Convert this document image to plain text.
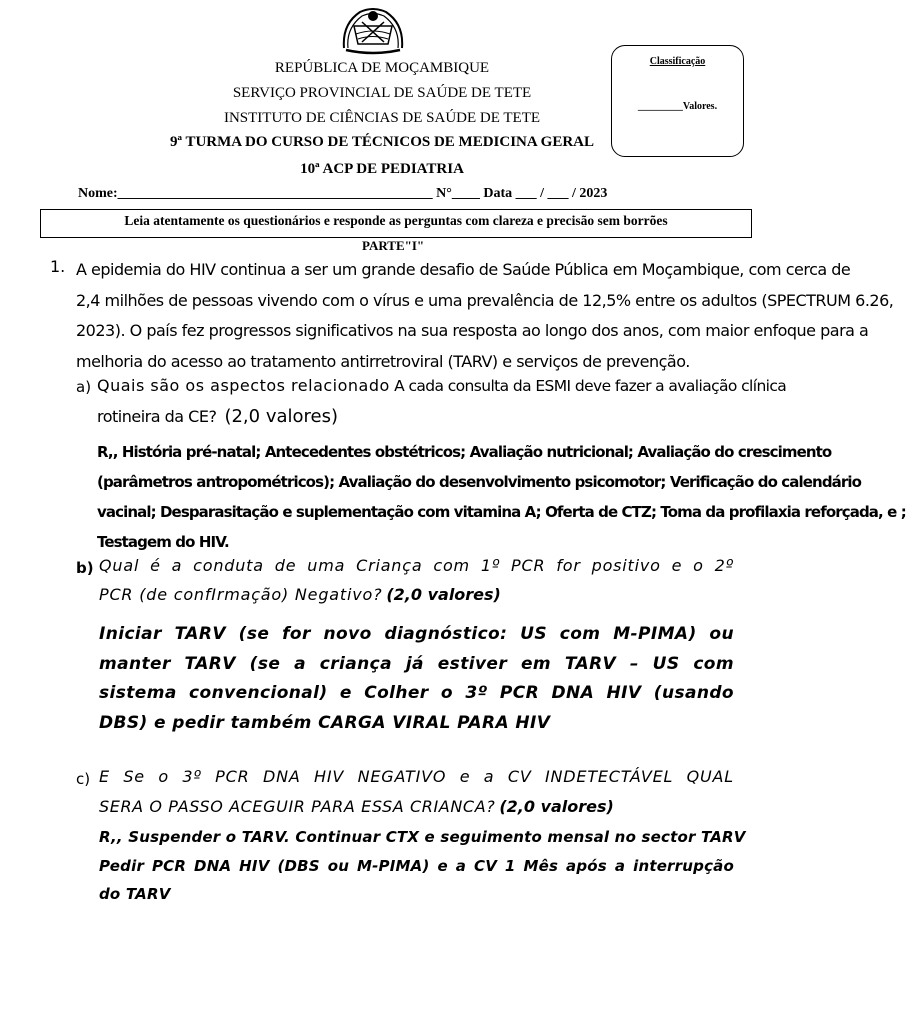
REPÚBLICA DE MOÇAMBIQUE
SERVIÇO PROVINCIAL DE SAÚDE DE TETE
INSTITUTO DE CIÊNCIAS DE SAÚDE DE TETE
9ª TURMA DO CURSO DE TÉCNICOS DE MEDICINA GERAL
10ª ACP DE PEDIATRIA
Classificação
_________Valores.
Nome:_____________________________________________ N°____ Data ___ / ___ / 2023
Leia atentamente os questionários e responde as perguntas com clareza e precisão sem borrões
PARTE"I"
1. A epidemia do HIV continua a ser um grande desafio de Saúde Pública em Moçambique, com cerca de
2,4 milhões de pessoas vivendo com o vírus e uma prevalência de 12,5% entre os adultos (SPECTRUM 6.26,
2023). O país fez progressos significativos na sua resposta ao longo dos anos, com maior enfoque para a
melhoria do acesso ao tratamento antirretroviral (TARV) e serviços de prevenção.
a) Quais são os aspectos relacionado A cada consulta da ESMI deve fazer a avaliação clínica
rotineira da CE? (2,0 valores)
R,, História pré-natal; Antecedentes obstétricos; Avaliação nutricional; Avaliação do crescimento
(parâmetros antropométricos); Avaliação do desenvolvimento psicomotor; Verificação do calendário
vacinal; Desparasitação e suplementação com vitamina A; Oferta de CTZ; Toma da profilaxia reforçada, e ;
Testagem do HIV.
b) Qual é a conduta de uma Criança com 1º PCR for positivo e o 2º
PCR (de confIrmação) Negativo? (2,0 valores)
Iniciar TARV (se for novo diagnóstico: US com M-PIMA) ou
manter TARV (se a criança já estiver em TARV – US com
sistema convencional) e Colher o 3º PCR DNA HIV (usando
DBS) e pedir também CARGA VIRAL PARA HIV
c) E Se o 3º PCR DNA HIV NEGATIVO e a CV INDETECTÁVEL QUAL
SERA O PASSO ACEGUIR PARA ESSA CRIANCA? (2,0 valores)
R,, Suspender o TARV. Continuar CTX e seguimento mensal no sector TARV
Pedir PCR DNA HIV (DBS ou M-PIMA) e a CV 1 Mês após a interrupção
do TARV
